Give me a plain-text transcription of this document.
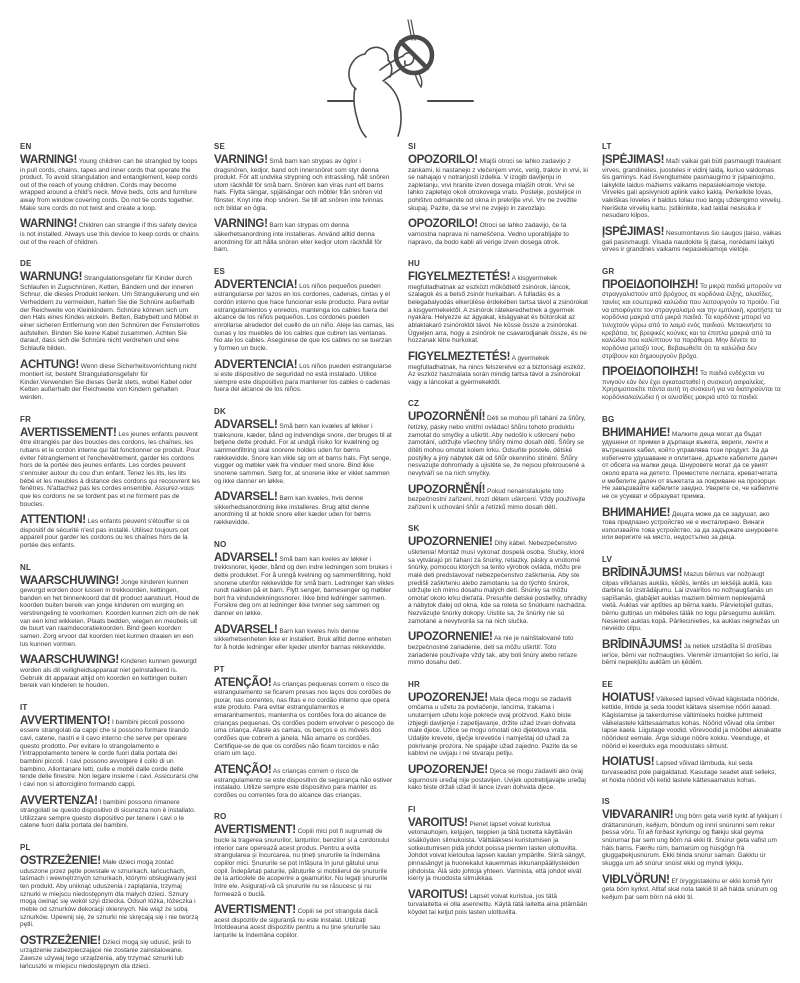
EN

WARNING! Young children can be strangled by loops in pull cords, chains, tapes and inner cords that operate the product. To avoid strangulation and entanglement, keep cords out of the reach of young children. Cords may become wrapped around a child's neck. Move beds, cots and furniture away from window covering cords. Do not tie cords together. Make sure cords do not twist and create a loop.

WARNING! Children can strangle if this safety device is not installed. Always use this device to keep cords or chains out of the reach of children.

DE

WARNUNG! Strangulationsgefahr für Kinder durch Schlaufen in Zugschnüren, Ketten, Bändern und der inneren Schnur, die dieses Produkt lenken. Um Strangulierung und ein Verheddern zu vermeiden, halten Sie die Schnüre außerhalb der Reichweite von Kleinkindern. Schnüre können sich um den Hals eines Kindes wickeln. Betten, Babybett und Möbel in einer sicheren Entfernung von den Schnüren der Fensterrollos aufstellen. Binden Sie keine Kabel zusammen. Achten Sie darauf, dass sich die Schnüre nicht verdrehen und eine Schlaufe bilden.

ACHTUNG! Wenn diese Sicherheitsvorrichtung nicht montiert ist, besteht Strangulationsgefahr für Kinder.Verwenden Sie dieses Gerät stets, wobei Kabel oder Ketten außerhalb der Reichweite von Kindern gehalten werden.

FR

AVERTISSEMENT! Les jeunes enfants peuvent être étranglés par des boucles des cordons, les chaînes, les rubans et le cordon interne qui fait fonctionner ce produit. Pour éviter l'étranglement et l'enchevêtrement, garder les cordons hors de la portée des jeunes enfants. Les cordes peuvent s'enrouler autour du cou d'un enfant. Tenez les lits, les lits bébé et les meubles à distance des cordons qui recouvrent les fenêtres. N'attachez pas les cordes ensemble. Assurez-vous que les cordons ne se tordent pas et ne forment pas de boucles.

ATTENTION! Les enfants peuvent s'étouffer si ce dispositif de sécurité n'est pas installé. Utilisez toujours cet appareil pour garder les cordons ou les chaînes hors de la portée des enfants.

NL

WAARSCHUWING! Jonge kinderen kunnen gewurgd worden door lussen in trekkoorden, kettingen, banden en het binnenkoord dat dit product aanstuurt. Houd de koorden buiten bereik van jonge kinderen om wurging en verstrengeling te voorkomen. Koorden kunnen zich om de nek van een kind wikkelen. Plaats bedden, wiegen en meubels uit de buurt van raamdecoratiekoorden. Bind geen koorden samen. Zorg ervoor dat koorden niet kunnen draaien en een lus kunnen vormen.

WAARSCHUWING! Kinderen kunnen gewurgd worden als dit veiligheidsapparaat niet geïnstalleerd is. Gebruik dit apparaat altijd om koorden en kettingen buiten bereik van kinderen te houden.

IT

AVVERTIMENTO! I bambini piccoli possono essere strangolati da cappi che si possono formare tirando cavi, catene, nastri e il cavo interno che serve per operare questo prodotto. Per evitare lo strangolamento e l'intrappolamento tenere le corde fuori dalla portata dei bambini piccoli. I cavi possono avvolgere il collo di un bambino. Allontanare letti, culle e mobili dalle corde delle tende delle finestre. Non legare insieme i cavi. Assicurarsi che i cavi non si attorciglino formando cappi.

AVVERTENZA! I bambini possono rimanere strangolati se questo dispositivo di sicurezza non è installato. Utilizzare sempre questo dispositivo per tenere i cavi o le catene fuori dalla portata dei bambini.

PL

OSTRZEŻENIE! Małe dzieci mogą zostać uduszone przez pętle powstałe w sznurkach, łańcuchach, taśmach i wewnętrznych sznurkach, którymi obsługiwany jest ten produkt. Aby uniknąć uduszenia i zaplątania, trzymaj sznurki w miejscu niedostępnym dla małych dzieci. Sznury mogą owinąć się wokół szyi dziecka. Odsuń łóżka, łóżeczka i meble od sznurków dekoracji okiennych. Nie wiąż ze sobą sznurków. Upewnij się, że sznurki nie skręcają się i nie tworzą pętli.

OSTRZEŻENIE! Dzieci mogą się udusić, jeśli to urządzenie zabezpieczające nie zostanie zainstalowane. Zawsze używaj tego urządzenia, aby trzymać sznurki lub łańcuszki w miejscu niedostępnym dla dzieci.

SE

VARNING! Små barn kan strypas av öglor i dragsnören, kedjor, band och innersnöret som styr denna produkt. För att undvika strypning och intrassling, håll snören utom räckhåll för små barn. Snören kan viras runt ett barns hals. Flytta sängar, spjälsängar och möbler från snören vid fönster. Knyt inte ihop snören. Se till att snören inte tvinnas och bildar en ögla.

VARNING! Barn kan strypas om denna säkerhetsanordning inte installeras. Använd alltid denna anordning för att hålla snören eller kedjor utom räckhåll för barn.

ES

ADVERTENCIA! Los niños pequeños pueden estrangularse por lazos en los cordones, cadenas, cintas y el cordón interno que hace funcionar este producto. Para evitar estrangulamientos y enredos, mantenga los cables fuera del alcance de los niños pequeños. Los cordones pueden enrollarse alrededor del cuello de un niño. Aleje las camas, las cunas y los muebles de los cables que cubren las ventanas. No ate los cables. Asegúrese de que los cables no se tuerzan y formen un bucle.

ADVERTENCIA! Los niños pueden estrangularse si este dispositivo de seguridad no está instalado. Utilice siempre este dispositivo para mantener los cables o cadenas fuera del alcance de los niños.

DK

ADVARSEL! Små børn kan kvæles af løkker i træksnore, kæder, bånd og indvendige snore, der bruges til at betjene dette produkt. For at undgå risiko for kvælning og sammenfiltring skal snorene holdes uden for børns rækkevidde. Snore kan vikle sig om et barns hals. Flyt senge, vugger og møbler væk fra vinduer med snore. Bind ikke snorene sammen. Sørg for, at snorene ikke er viklet sammen og ikke danner en løkke.

ADVARSEL! Børn kan kvæles, hvis denne sikkerhedsanordning ikke installeres. Brug altid denne anordning til at holde snore eller kæder uden for børns rækkevidde.

NO

ADVARSEL! Små barn kan kveles av løkker i trekksnorer, kjeder, bånd og den indre ledningen som brukes i dette produktet. For å unngå kvelning og sammenfiltring, hold snorene utenfor rekkevidde for små barn. Ledninger kan vikles rundt nakken på et barn. Flytt senger, barnesenger og møbler bort fra vindusdekningssnorer. Ikke bind ledninger sammen. Forsikre deg om at ledninger ikke tvinner seg sammen og danner en løkke.

ADVARSEL! Barn kan kveles hvis denne sikkerhetsenheten ikke er installert. Bruk alltid denne enheten for å holde ledninger eller kjeder utenfor barnas rekkevidde.

PT

ATENÇÃO! As crianças pequenas correm o risco de estrangulamento se ficarem presas nos laços dos cordões de puxar, nas correntes, nas fitas e no cordão interno que opera este produto. Para evitar estrangulamentos e emaranhamentos, mantenha os cordões fora do alcance de crianças pequenas. Os cordões podem envolver o pescoço de uma criança. Afaste as camas, os berços e os móveis dos cordões que cobrem a janela. Não amarre os cordões. Certifique-se de que os cordões não ficam torcidos e não criam um laço.

ATENÇÃO! As crianças correm o risco de estrangulamento se este dispositivo de segurança não estiver instalado. Utilize sempre este dispositivo para manter os cordões ou correntes fora do alcance das crianças.

RO

AVERTISMENT! Copiii mici pot fi sugrumați de bucle la tragerea șnururilor, lanțurilor, benzilor și a cordonului interior care operează acest produs. Pentru a evita strangularea și încurcarea, nu țineți șnururile la îndemâna copiilor mici. Șnururile se pot înfășura în jurul gâtului unui copil. Îndepărtați paturile, pătuțurile și mobilierul de șnururile de la articolele de acoperire a geamurilor. Nu legați șnururile între ele. Asigurați-vă că șnururile nu se răsucesc și nu formează o buclă.

AVERTISMENT! Copiii se pot strangula dacă acest dispozitiv de siguranță nu este instalat. Utilizați întotdeauna acest dispozitiv pentru a nu ține șnururile sau lanțurile la îndemâna copiilor.

SI

OPOZORILO! Mlajši otroci se lahko zadavijo z zankami, ki nastanejo z vlečenjem vrvic, verig, trakov in vrvi, ki se nahajajo v notranjosti izdelka. V izogib davljenju in zapletanju, vrvi hranite izven dosega mlajših otrok. Vrvi se lahko zapletejo okoli otrokovega vratu. Postelje, posteljice in pohištvo odmaknite od okna in prekrijte vrvi. Vrv ne zvežite skupaj. Pazite, da se vrvi ne zvijejo in zavozlajo.

OPOZORILO! Otroci se lahko zadavijo, če ta varnostna naprava ni nameščena. Vedno uporabljajte to napravo, da bodo kabli ali verige izven dosega otrok.

HU

FIGYELMEZTETÉS! A kisgyermekek megfulladhatnak az eszközt működtető zsinórok, láncok, szalagok és a belső zsinór hurkaiban. A fulladás és a belegabalyodás elkerülése érdekében tartsa távol a zsinórokat a kisgyermekektől. A zsinórok rátekeredhetnek a gyermek nyakára. Helyezze az ágyakat, kiságyakat és bútorokat az ablaktakaró zsinóroktól távol. Ne kösse össze a zsinórokat. Ügyeljen arra, hogy a zsinórok ne csavarodjanak össze, és ne hozzanak létre hurkokat.

FIGYELMEZTETÉS! A gyermekek megfulladhatnak, ha nincs felszerelve ez a biztonsági eszköz. Az eszköz használata során mindig tartsa távol a zsinórokat vagy a láncokat a gyermekektől.

CZ

UPOZORNĚNÍ! Děti se mohou při tahání za šňůry, řetízky, pásky nebo vnitřní ovládací šňůru tohoto produktu zamotat do smyčky a uškrtit. Aby nedošlo k uškrcení nebo zamotání, udržujte všechny šňůry mimo dosah dětí. Šňůry se dítěti mohou omotat kolem krku. Odsuňte postele, dětské postýlky a jiný nábytek dál od šňůr okenního stínění. Šňůry nesvazujte dohromady a ujistěte se, že nejsou překroucené a nevytváří se na nich smyčky.

UPOZORNĚNÍ! Pokud nenainstalujete toto bezpečnostní zařízení, hrozí dětem uškrcení. Vždy používejte zařízení k uchování šňůr a řetízků mimo dosah dětí.

SK

UPOZORNENIE! Dlhý kábel. Nebezpečenstvo uškrtenia! Montáž musí vykonať dospelá osoba. Slučky, ktoré sa vytvárajú pri ťahaní za šnúrky, retiazky, pásky a vnútorné šnúrky, pomocou ktorých sa tento výrobok ovláda, môžu pre malé deti predstavovať nebezpečenstvo zaškrtenia. Aby ste predišli zaškrteniu alebo zamotaniu sa do týchto šnúrok, udržujte ich mimo dosahu malých detí. Šnúrky sa môžu omotať okolo krku dieťaťa. Presuňte detské postieľky, ohrádky a nábytok ďalej od okna, kde sa roleta so šnúrkami nachádza. Nezväzujte šnúrky dokopy. Uistite sa, že šnúrky nie sú zamotané a nevytvorila sa na nich slučka.

UPOZORNENIE! Ak nie je nainštalované toto bezpečnostné zariadenie, deti sa môžu uškrtiť. Toto zariadenie používajte vždy tak, aby boli šnúry alebo reťaze mimo dosahu detí.

HR

UPOZORENJE! Mala djeca mogu se zadaviti omčama u užetu za povlačenje, lancima, trakama i unutarnjem užetu koje pokreće ovaj proizvod. Kako biste izbjegli davljenje i zapetljavanje, držite užad izvan dohvata male djece. Užice se mogu omotati oko djetetova vrata. Udaljite krevete, dječje krevetiće i namještaj od užadi za pokrivanje prozora. Ne spajajte užad zajedno. Pazite da se kablovi ne uvijaju i ne stvaraju petlju.

UPOZORENJE! Djeca se mogu zadaviti ako ovaj sigurnosni uređaj nije postavljen. Uvijek upotrebljavajte uređaj kako biste držali užad ili lance izvan dohvata djece.

FI

VAROITUS! Pienet lapset voivat kuristua vetonauhojen, ketjujen, teippien ja tätä tuotetta käyttävän sisäköyden silmukoista. Välttääksesi kuristumisen ja sotkeutumisen pidä johdot poissa pienten lasten ulottuvilta. Johdot voivat kietoutua lapsen kaulan ympärille. Siirrä sängyt, pinnasängyt ja huonekalut kauemmas ikkunanpäällysteiden johdoista. Älä sido johtoja yhteen. Varmista, että johdot eivät kierry ja muodosta silmukkaa.

VAROITUS! Lapset voivat kuristua, jos tätä turvalaitetta ei olla asennettu. Käytä tätä laitetta aina pitämään köydet tai ketjut pois lasten ulottuvilta.

LT

ĮSPĖJIMAS! Maži vaikai gali būti pasmaugti traukiant virves, grandinėles, juosteles ir vidinį laidą, kuriuo valdomas šis gaminys. Kad išvengtumėte pasmaugimo ir įsipainiojimo, laikykite laidus mažiems vaikams nepasiekiamoje vietoje. Virvelės gali apsivynioti aplink vaiko kaklą. Perkelkite lovas, vaikiškas loveles ir baldus toliau nuo langų uždengimo virvelių. Neriškite virvelių kartu. Įsitikinkite, kad laidai nesisuka ir nesudaro kilpos.

ĮSPĖJIMAS! Nesumontavus šio saugos įtaiso, vaikas gali pasismaugti. Visada naudokite šį įtaisą, norėdami laikyti virves ir grandines vaikams nepasiekiamoje vietoje.

GR

ΠΡΟΕΙΔΟΠΟΙΗΣΗ! Τα μικρά παιδιά μπορούν να στραγγαλιστούν από βρόχους σε κορδόνια έλξης, αλυσίδες, ταινίες και εσωτερικά καλώδια που λειτουργούν το προϊόν. Για να αποφύγετε τον στραγγαλισμό και την εμπλοκή, κρατήστε τα κορδόνια μακριά από μικρά παιδιά. Τα κορδόνια μπορεί να τυλιχτούν γύρω από το λαιμό ενός παιδιού. Μετακινήστε τα κρεβάτια, τις βρεφικές κούνιες και τα έπιπλα μακριά από τα καλώδια που καλύπτουν τα παράθυρα. Μην δένετε τα κορδόνια μεταξύ τους. Βεβαιωθείτε ότι τα καλώδια δεν στρίβουν και δημιουργούν βρόχο.

ΠΡΟΕΙΔΟΠΟΙΗΣΗ! Τα παιδιά ενδέχεται να πνιγούν εάν δεν έχει εγκατασταθεί η συσκευή ασφαλείας. Χρησιμοποιείτε πάντα αυτή τη συσκευή για να διατηρούνται τα κορδόνια/καλώδια ή οι αλυσίδες μακριά από τα παιδιά.

BG

ВНИМАНИЕ! Малките деца могат да бъдат удушени от примки в дърпащи въжета, вериги, ленти и вътрешния кабел, който управлява този продукт. За да избегнете удушаване и оплитане, дръжте кабелите далеч от обсега на малки деца. Шнуровете могат да се увият около врата на детето. Преместете леглата, креватчетата и мебелите далеч от въжетата за покриване на прозорци. Не завързвайте кабелите заедно. Уверете се, че кабелите не се усукват и образуват примка.

ВНИМАНИЕ! Децата може да се задушат, ако това предпазно устройство не е инсталирано. Винаги използвайте това устройство, за да задържате шнуровете или веригите на място, недостъпно за деца.

LV

BRĪDINĀJUMS! Mazus bērnus var nožņaugt cilpas vilkšanas auklās, ķēdēs, lentēs un iekšējā auklā, kas darbina šo izstrādājumu. Lai izvairītos no nožņaugšanās un sapīšanās, glabājiet auklas maziem bērniem nepieejamā vietā. Auklas var aptīties ap bērna kaklu. Pārvietojiet gultas, bērnu gultiņas un mēbeles tālāk no logu pārsegumu auklām. Nesieniet auklas kopā. Pārliecinieties, ka auklas negriežas un neveido cilpu.

BRĪDINĀJUMS! Ja netiek uzstādīta šī drošības ierīce, bērni var nožņaugties. Vienmēr izmantojiet šo ierīci, lai bērni nepiekļūtu auklām un ķēdēm.

EE

HOIATUS! Väikesed lapsed võivad kägistada nööride, kettide, lintide ja seda toodet käitava sisemise nööri aasad. Kägistamise ja takerdumise vältimiseks hoidke juhtmeid väikelastele kättesaamatus kohas. Nöörid võivad olla ümber lapse kaela. Liigutage voodid, võrevoodid ja mööbel aknakatte nööridest eemale. Ärge siduge nööre kokku. Veenduge, et nöörid ei keerduks ega moodustaks silmust.

HOIATUS! Lapsed võivad lämbuda, kui seda turvaseadist pole paigaldatud. Kasutage seadet alati selleks, et hoida nöörid või ketid lastele kättesaamatus kohas.

IS

VIÐVARANIR! Ung börn geta verið kyrkt af lykkjum í dráttarsnúrum, keðjum, böndum og innri snúrunni sem rekur þessa vöru. Til að forðast kyrkingu og flækju skal geyma snúrurnar þar sem ung börn ná ekki til. Snúrur geta vafist um háls barns. Færðu rúm, barnarúm og húsgögn frá gluggaþekjusnúrum. Ekki binda snúrur saman. Gakktu úr skugga um að snúrur snúist ekki og myndi lykkju.

VIÐLVÖRUN! Ef öryggistækinu er ekki komið fyrir geta börn kyrkst. Alltaf skal nota tækið til að halda snúrum og keðjum þar sem börn ná ekki til.
